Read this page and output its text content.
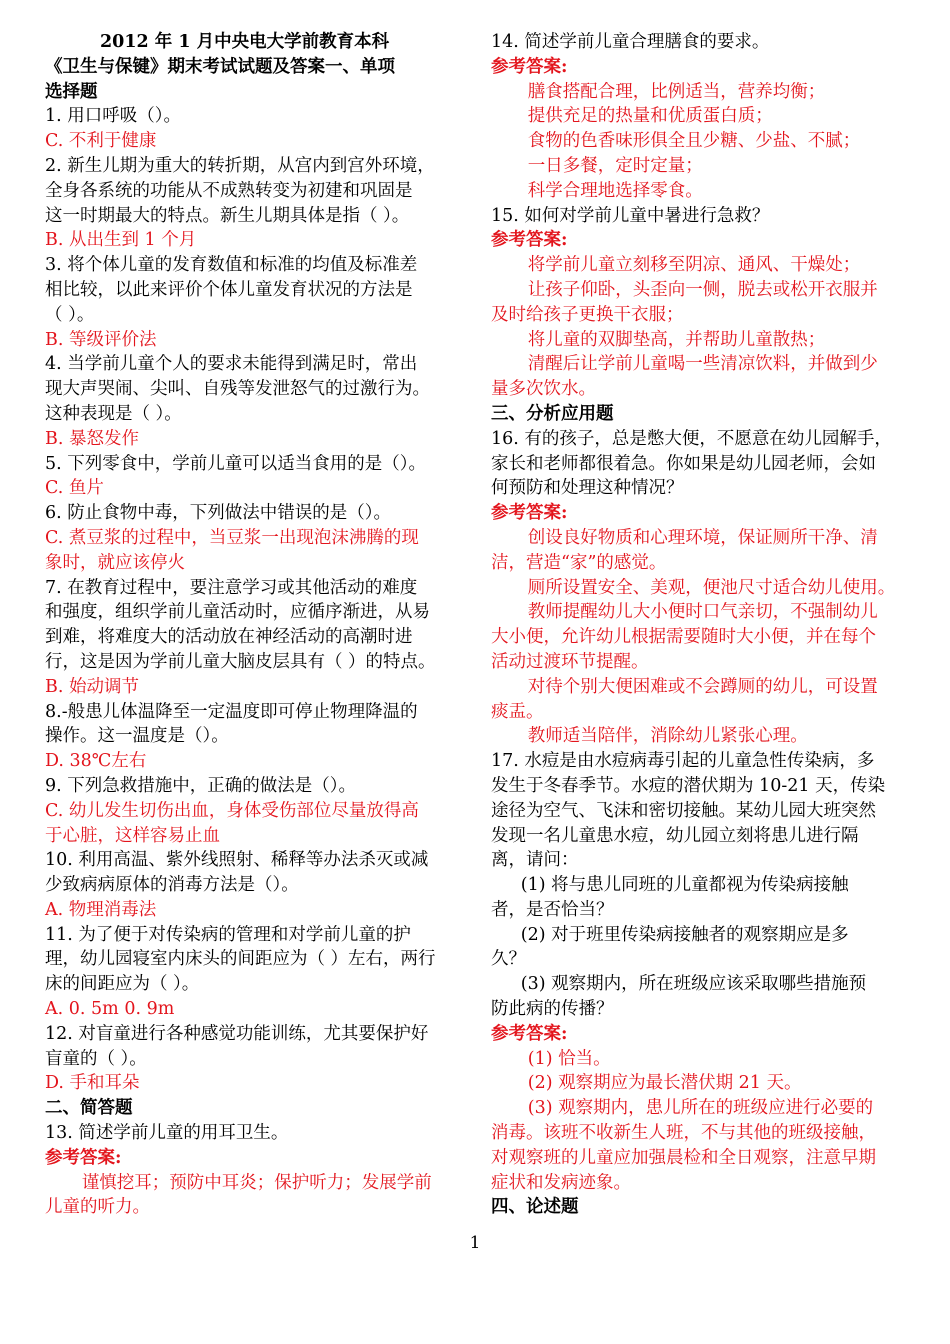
2012 年 1 月中央电大学前教育本科
《卫生与保键》期末考试试题及答案一、单项
选择题
1. 用口呼吸（）。
C. 不利于健康
2. 新生儿期为重大的转折期，从宫内到宫外环境，
全身各系统的功能从不成熟转变为初建和巩固是
这一时期最大的特点。新生儿期具体是指（ ）。
B. 从出生到 1 个月
3. 将个体儿童的发育数值和标准的均值及标准差
相比较，以此来评价个体儿童发育状况的方法是
（ ）。
B. 等级评价法
4. 当学前儿童个人的要求未能得到满足时，常出
现大声哭闹、尖叫、自残等发泄怒气的过激行为。
这种表现是（ ）。
B. 暴怒发作
5. 下列零食中，学前儿童可以适当食用的是（）。
C. 鱼片
6. 防止食物中毒，下列做法中错误的是（）。
C. 煮豆浆的过程中，当豆浆一出现泡沫沸腾的现
象时，就应该停火
7. 在教育过程中，要注意学习或其他活动的难度
和强度，组织学前儿童活动时，应循序渐进，从易
到难，将难度大的活动放在神经活动的高潮时进
行，这是因为学前儿童大脑皮层具有（ ）的特点。
B. 始动调节
8.-般患儿体温降至一定温度即可停止物理降温的
操作。这一温度是（）。
D. 38℃左右
9. 下列急救措施中，正确的做法是（）。
C. 幼儿发生切伤出血，身体受伤部位尽量放得高
于心脏，这样容易止血
10. 利用高温、紫外线照射、稀释等办法杀灭或减
少致病病原体的消毒方法是（）。
A. 物理消毒法
11. 为了便于对传染病的管理和对学前儿童的护
理，幼儿园寝室内床头的间距应为（ ）左右，两行
床的间距应为（ ）。
A. 0. 5m 0. 9m
12. 对盲童进行各种感觉功能训练，尤其要保护好
盲童的（ ）。
D. 手和耳朵
二、简答题
13. 简述学前儿童的用耳卫生。
参考答案:
谨慎挖耳；预防中耳炎；保护听力；发展学前
儿童的听力。
14. 简述学前儿童合理膳食的要求。
参考答案:
膳食搭配合理，比例适当，营养均衡；
提供充足的热量和优质蛋白质；
食物的色香味形俱全且少糖、少盐、不腻；
一日多餐，定时定量；
科学合理地选择零食。
15. 如何对学前儿童中暑进行急救？
参考答案:
将学前儿童立刻移至阴凉、通风、干燥处；
让孩子仰卧，头歪向一侧，脱去或松开衣服并
及时给孩子更换干衣服；
将儿童的双脚垫高，并帮助儿童散热；
清醒后让学前儿童喝一些清凉饮料，并做到少
量多次饮水。
三、分析应用题
16. 有的孩子，总是憋大便，不愿意在幼儿园解手，
家长和老师都很着急。你如果是幼儿园老师，会如
何预防和处理这种情况？
参考答案:
创设良好物质和心理环境，保证厕所干净、清
洁，营造“家”的感觉。
厕所设置安全、美观，便池尺寸适合幼儿使用。
教师提醒幼儿大小便时口气亲切，不强制幼儿
大小便，允许幼儿根据需要随时大小便，并在每个
活动过渡环节提醒。
对待个别大便困难或不会蹲厕的幼儿，可设置
痰盂。
教师适当陪伴，消除幼儿紧张心理。
17. 水痘是由水痘病毒引起的儿童急性传染病，多
发生于冬春季节。水痘的潜伏期为 10-21 天，传染
途径为空气、飞沫和密切接触。某幼儿园大班突然
发现一名儿童患水痘，幼儿园立刻将患儿进行隔
离，请问：
(1) 将与患儿同班的儿童都视为传染病接触
者，是否恰当？
(2) 对于班里传染病接触者的观察期应是多
久？
(3) 观察期内，所在班级应该采取哪些措施预
防此病的传播？
参考答案:
(1) 恰当。
(2) 观察期应为最长潜伏期 21 天。
(3) 观察期内，患儿所在的班级应进行必要的
消毒。该班不收新生人班，不与其他的班级接触，
对观察班的儿童应加强晨检和全日观察，注意早期
症状和发病迹象。
四、论述题
1
